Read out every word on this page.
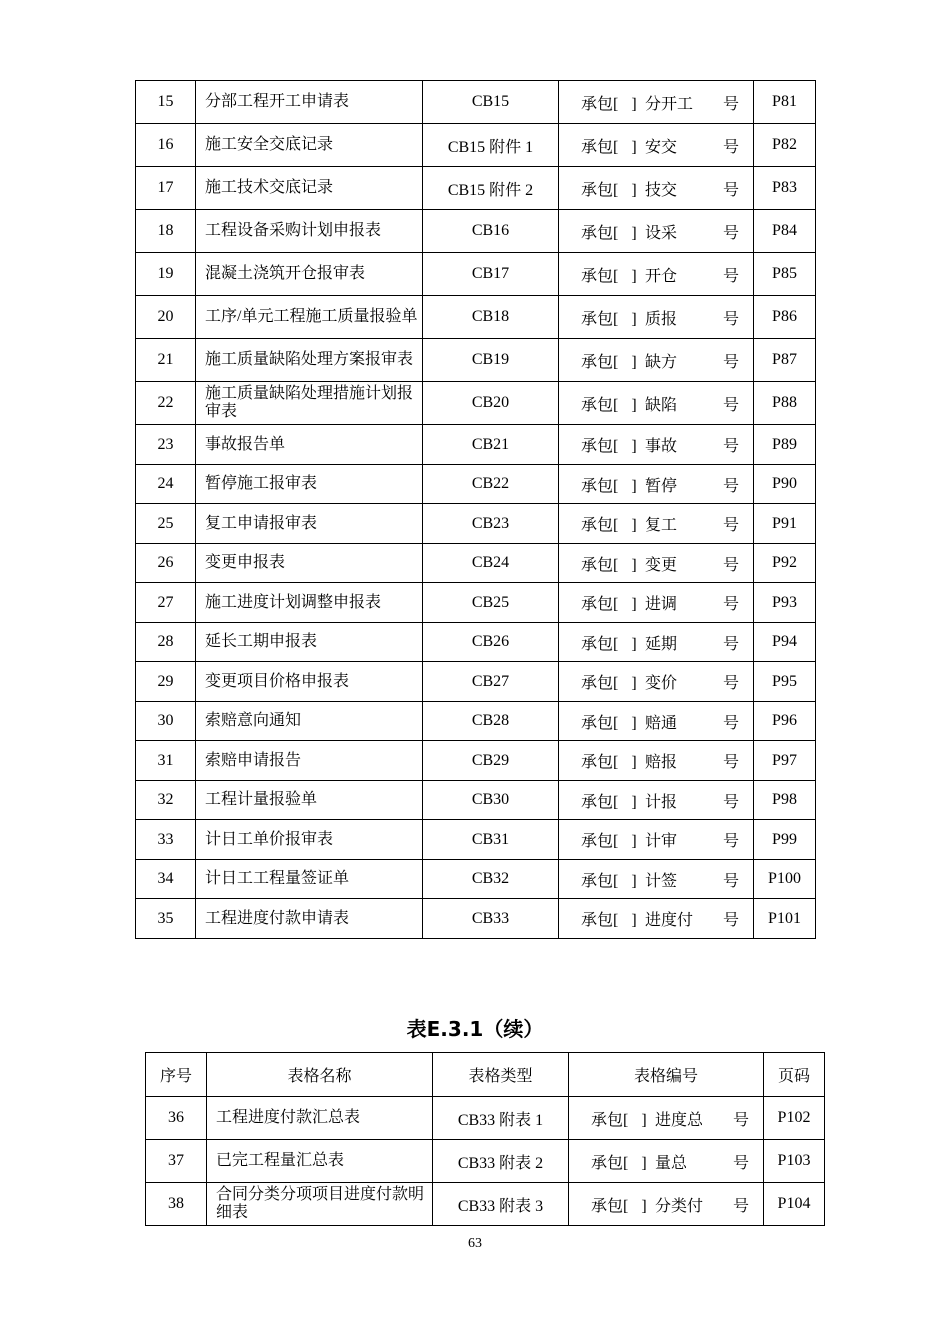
15	分部工程开工申请表	CB15	承包[ ] 分开工 号	P81
16	施工安全交底记录	CB15 附件 1	承包[ ] 安交 号	P82
17	施工技术交底记录	CB15 附件 2	承包[ ] 技交 号	P83
18	工程设备采购计划申报表	CB16	承包[ ] 设采 号	P84
19	混凝土浇筑开仓报审表	CB17	承包[ ] 开仓 号	P85
20	工序/单元工程施工质量报验单	CB18	承包[ ] 质报 号	P86
21	施工质量缺陷处理方案报审表	CB19	承包[ ] 缺方 号	P87
22	施工质量缺陷处理措施计划报审表	CB20	承包[ ] 缺陷 号	P88
23	事故报告单	CB21	承包[ ] 事故 号	P89
24	暂停施工报审表	CB22	承包[ ] 暂停 号	P90
25	复工申请报审表	CB23	承包[ ] 复工 号	P91
26	变更申报表	CB24	承包[ ] 变更 号	P92
27	施工进度计划调整申报表	CB25	承包[ ] 进调 号	P93
28	延长工期申报表	CB26	承包[ ] 延期 号	P94
29	变更项目价格申报表	CB27	承包[ ] 变价 号	P95
30	索赔意向通知	CB28	承包[ ] 赔通 号	P96
31	索赔申请报告	CB29	承包[ ] 赔报 号	P97
32	工程计量报验单	CB30	承包[ ] 计报 号	P98
33	计日工单价报审表	CB31	承包[ ] 计审 号	P99
34	计日工工程量签证单	CB32	承包[ ] 计签 号	P100
35	工程进度付款申请表	CB33	承包[ ] 进度付 号	P101
表E.3.1（续）
序号	表格名称	表格类型	表格编号	页码
36	工程进度付款汇总表	CB33 附表 1	承包[ ] 进度总 号	P102
37	已完工程量汇总表	CB33 附表 2	承包[ ] 量总 号	P103
38	合同分类分项项目进度付款明细表	CB33 附表 3	承包[ ] 分类付 号	P104
63
